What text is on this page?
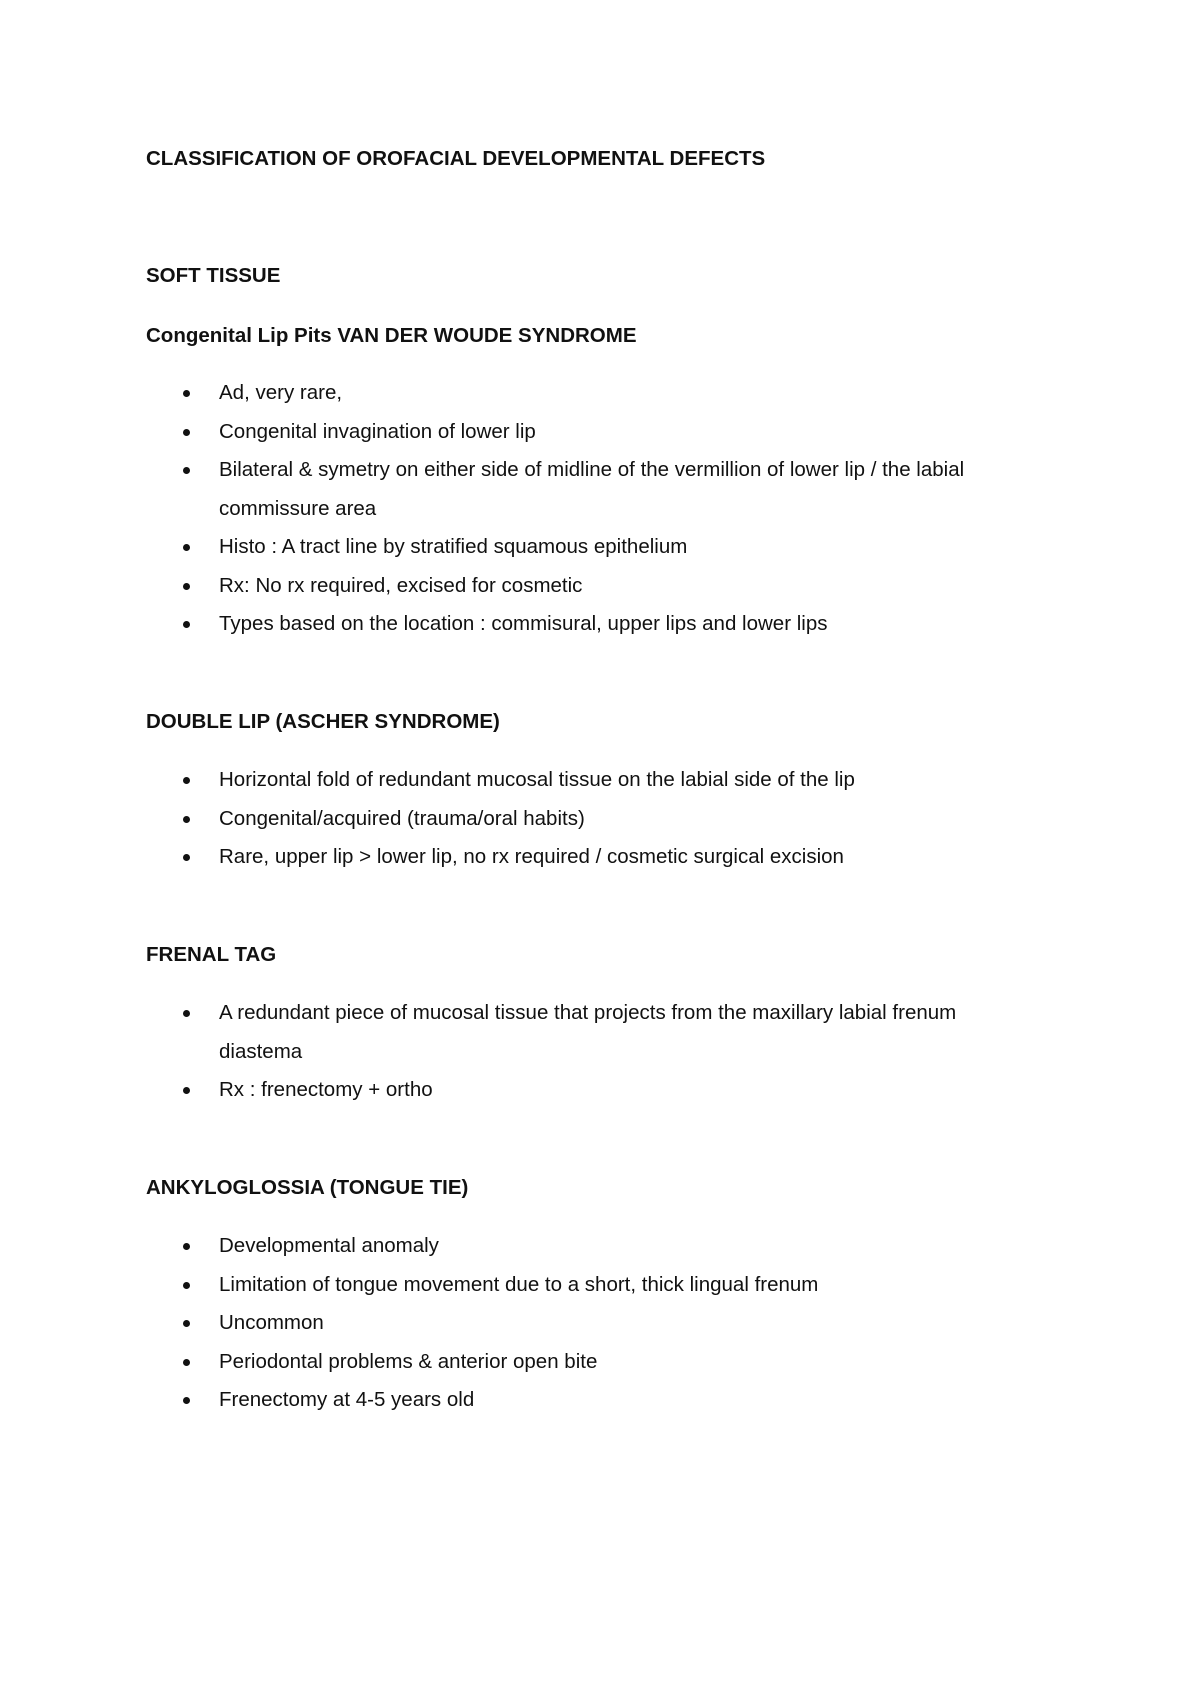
CLASSIFICATION OF OROFACIAL DEVELOPMENTAL DEFECTS

SOFT TISSUE

Congenital Lip Pits VAN DER WOUDE SYNDROME

Ad, very rare,
Congenital invagination of lower lip
Bilateral & symetry on either side of midline of the vermillion of lower lip / the labial
commissure area
Histo : A tract line by stratified squamous epithelium
Rx: No rx required, excised for cosmetic
Types based on the location : commisural, upper lips and lower lips

DOUBLE LIP (ASCHER SYNDROME)

Horizontal fold of redundant mucosal tissue on the labial side of the lip
Congenital/acquired (trauma/oral habits)
Rare, upper lip > lower lip, no rx required / cosmetic surgical excision

FRENAL TAG

A redundant piece of mucosal tissue that projects from the maxillary labial frenum
diastema
Rx : frenectomy + ortho

ANKYLOGLOSSIA (TONGUE TIE)

Developmental anomaly
Limitation of tongue movement due to a short, thick lingual frenum
Uncommon
Periodontal problems & anterior open bite
Frenectomy at 4-5 years old
